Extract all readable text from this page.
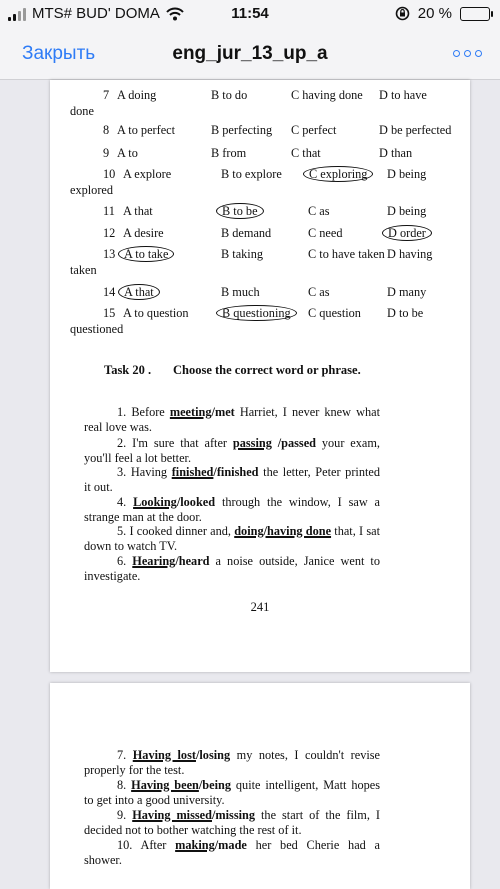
MTS# BUD' DOMA	11:54	20 %
Закрыть	eng_jur_13_up_a
7 A doing	B to do	C having done D to have
done
8 A to perfect	B perfecting C perfect	D be perfected
9 A to	B from	C that	D than
10 A explore	B to explore C exploring	D being
explored
11 A that	B to be	C as	D being
12 A desire	B demand	C need	D order
13 A to take	B taking	C to have taken D having
taken
14 A that	B much	C as	D many
15 A to question	B questioning	C question D to be
questioned
Task 20 . Choose the correct word or phrase.
1. Before meeting/met Harriet, I never knew what real love was.
2. I'm sure that after passing /passed your exam, you'll feel a lot better.
3. Having finished/finished the letter, Peter printed it out.
4. Looking/looked through the window, I saw a strange man at the door.
5. I cooked dinner and, doing/having done that, I sat down to watch TV.
6. Hearing/heard a noise outside, Janice went to investigate.
241
7. Having lost/losing my notes, I couldn't revise properly for the test.
8. Having been/being quite intelligent, Matt hopes to get into a good university.
9. Having missed/missing the start of the film, I decided not to bother watching the rest of it.
10. After making/made her bed Cherie had a shower.
